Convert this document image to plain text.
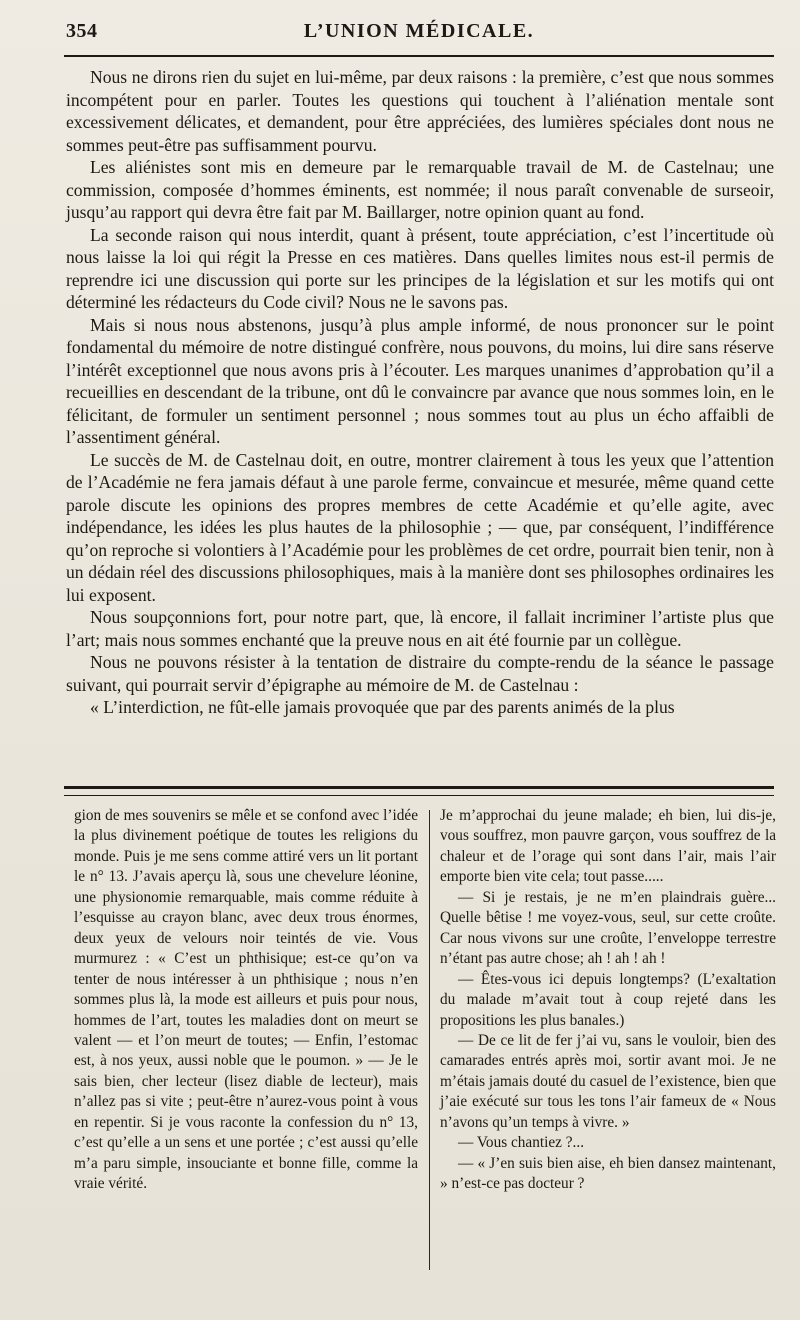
354	L’UNION MÉDICALE.

Nous ne dirons rien du sujet en lui-même, par deux raisons : la première, c’est que nous sommes incompétent pour en parler. Toutes les questions qui touchent à l’aliénation mentale sont excessivement délicates, et demandent, pour être appréciées, des lumières spéciales dont nous ne sommes peut-être pas suffisamment pourvu.

Les aliénistes sont mis en demeure par le remarquable travail de M. de Castelnau; une commission, composée d’hommes éminents, est nommée; il nous paraît convenable de surseoir, jusqu’au rapport qui devra être fait par M. Baillarger, notre opinion quant au fond.

La seconde raison qui nous interdit, quant à présent, toute appréciation, c’est l’incertitude où nous laisse la loi qui régit la Presse en ces matières. Dans quelles limites nous est-il permis de reprendre ici une discussion qui porte sur les principes de la législation et sur les motifs qui ont déterminé les rédacteurs du Code civil? Nous ne le savons pas.

Mais si nous nous abstenons, jusqu’à plus ample informé, de nous prononcer sur le point fondamental du mémoire de notre distingué confrère, nous pouvons, du moins, lui dire sans réserve l’intérêt exceptionnel que nous avons pris à l’écouter. Les marques unanimes d’approbation qu’il a recueillies en descendant de la tribune, ont dû le convaincre par avance que nous sommes loin, en le félicitant, de formuler un sentiment personnel ; nous sommes tout au plus un écho affaibli de l’assentiment général.

Le succès de M. de Castelnau doit, en outre, montrer clairement à tous les yeux que l’attention de l’Académie ne fera jamais défaut à une parole ferme, convaincue et mesurée, même quand cette parole discute les opinions des propres membres de cette Académie et qu’elle agite, avec indépendance, les idées les plus hautes de la philosophie ; — que, par conséquent, l’indifférence qu’on reproche si volontiers à l’Académie pour les problèmes de cet ordre, pourrait bien tenir, non à un dédain réel des discussions philosophiques, mais à la manière dont ses philosophes ordinaires les lui exposent.

Nous soupçonnions fort, pour notre part, que, là encore, il fallait incriminer l’artiste plus que l’art; mais nous sommes enchanté que la preuve nous en ait été fournie par un collègue.

Nous ne pouvons résister à la tentation de distraire du compte-rendu de la séance le passage suivant, qui pourrait servir d’épigraphe au mémoire de M. de Castelnau :

« L’interdiction, ne fût-elle jamais provoquée que par des parents animés de la plus

gion de mes souvenirs se mêle et se confond avec l’idée la plus divinement poétique de toutes les religions du monde. Puis je me sens comme attiré vers un lit portant le n° 13. J’avais aperçu là, sous une chevelure léonine, une physionomie remarquable, mais comme réduite à l’esquisse au crayon blanc, avec deux trous énormes, deux yeux de velours noir teintés de vie. Vous murmurez : « C’est un phthisique; est-ce qu’on va tenter de nous intéresser à un phthisique ; nous n’en sommes plus là, la mode est ailleurs et puis pour nous, hommes de l’art, toutes les maladies dont on meurt se valent — et l’on meurt de toutes; — Enfin, l’estomac est, à nos yeux, aussi noble que le poumon. » — Je le sais bien, cher lecteur (lisez diable de lecteur), mais n’allez pas si vite ; peut-être n’aurez-vous point à vous en repentir. Si je vous raconte la confession du n° 13, c’est qu’elle a un sens et une portée ; c’est aussi qu’elle m’a paru simple, insouciante et bonne fille, comme la vraie vérité.

Je m’approchai du jeune malade; eh bien, lui dis-je, vous souffrez, mon pauvre garçon, vous souffrez de la chaleur et de l’orage qui sont dans l’air, mais l’air emporte bien vite cela; tout passe.....

— Si je restais, je ne m’en plaindrais guère... Quelle bêtise ! me voyez-vous, seul, sur cette croûte. Car nous vivons sur une croûte, l’enveloppe terrestre n’étant pas autre chose; ah ! ah ! ah !

— Êtes-vous ici depuis longtemps? (L’exaltation du malade m’avait tout à coup rejeté dans les propositions les plus banales.)

— De ce lit de fer j’ai vu, sans le vouloir, bien des camarades entrés après moi, sortir avant moi. Je ne m’étais jamais douté du casuel de l’existence, bien que j’aie exécuté sur tous les tons l’air fameux de « Nous n’avons qu’un temps à vivre. »

— Vous chantiez ?...

— « J’en suis bien aise, eh bien dansez maintenant, » n’est-ce pas docteur ?
